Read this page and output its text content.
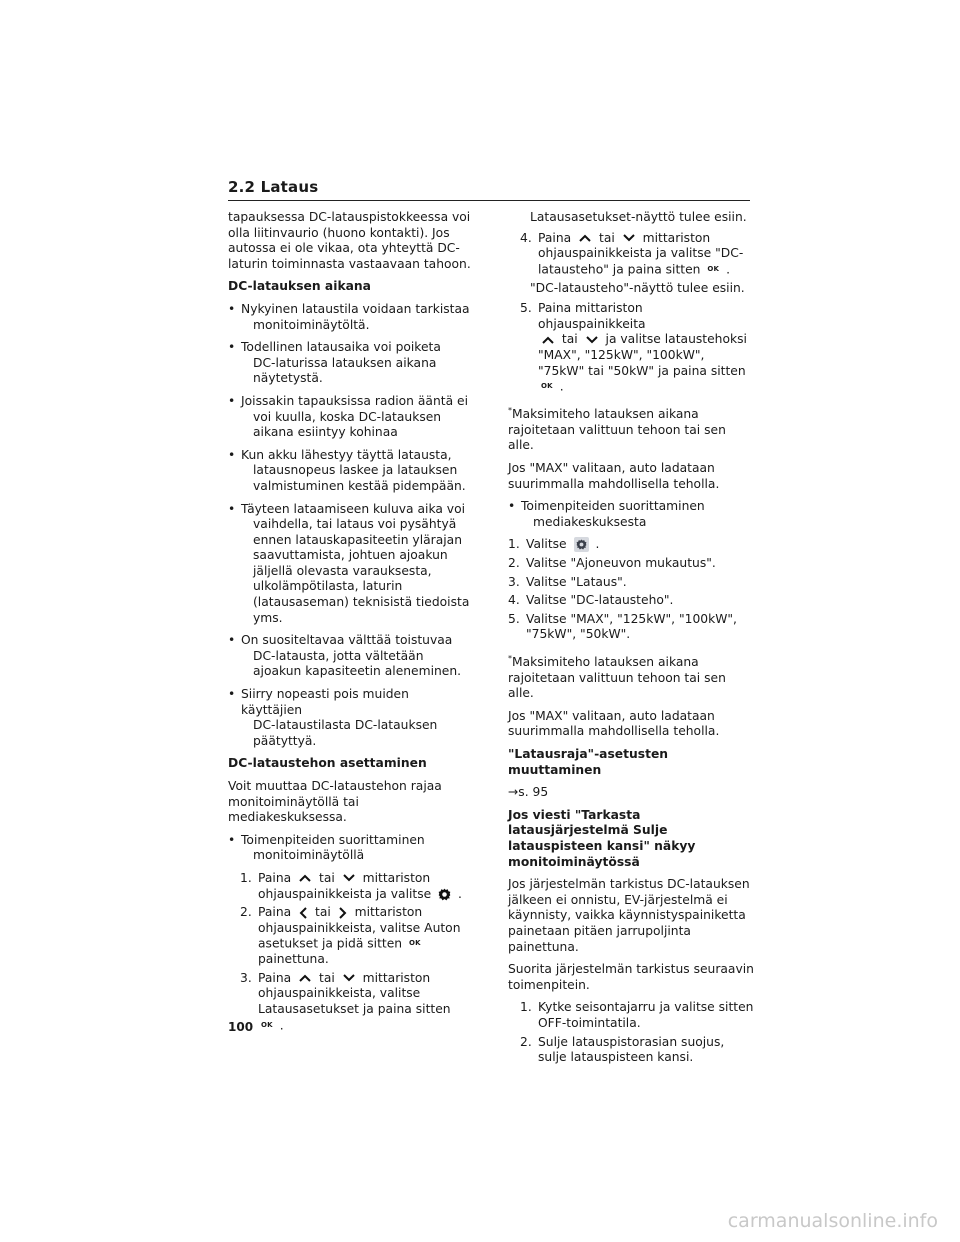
2.2 Lataus

tapauksessa DC-latauspistokkeessa voi olla liitinvaurio (huono kontakti). Jos autossa ei ole vikaa, ota yhteyttä DC-laturin toiminnasta vastaavaan tahoon.

DC-latauksen aikana

• Nykyinen lataustila voidaan tarkistaa
monitoiminäytöltä.
• Todellinen latausaika voi poiketa
DC-laturissa latauksen aikana näytetystä.
• Joissakin tapauksissa radion ääntä ei
voi kuulla, koska DC-latauksen aikana esiintyy kohinaa
• Kun akku lähestyy täyttä latausta,
latausnopeus laskee ja latauksen valmistuminen kestää pidempään.
• Täyteen lataamiseen kuluva aika voi
vaihdella, tai lataus voi pysähtyä ennen latauskapasiteetin ylärajan saavuttamista, johtuen ajoakun jäljellä olevasta varauksesta, ulkolämpötilasta, laturin (latausaseman) teknisistä tiedoista yms.
• On suositeltavaa välttää toistuvaa
DC-latausta, jotta vältetään ajoakun kapasiteetin aleneminen.
• Siirry nopeasti pois muiden käyttäjien
DC-lataustilasta DC-latauksen päätyttyä.

DC-lataustehon asettaminen

Voit muuttaa DC-lataustehon rajaa monitoiminäytöllä tai mediakeskuksessa.

• Toimenpiteiden suorittaminen
monitoiminäytöllä
1. Paina tai mittariston
ohjauspainikkeista ja valitse .
2. Paina tai mittariston
ohjauspainikkeista, valitse Auton asetukset ja pidä sitten OK
painettuna.
3. Paina tai mittariston
ohjauspainikkeista, valitse Latausasetukset ja paina sitten OK .

Latausasetukset-näyttö tulee esiin.

4. Paina tai mittariston
ohjauspainikkeista ja valitse "DC-latausteho" ja paina sitten OK .

"DC-latausteho"-näyttö tulee esiin.

5. Paina mittariston ohjauspainikkeita
tai ja valitse lataustehoksi
"MAX", "125kW", "100kW", "75kW" tai "50kW" ja paina sitten OK .

*Maksimiteho latauksen aikana rajoitetaan valittuun tehoon tai sen alle.

Jos "MAX" valitaan, auto ladataan suurimmalla mahdollisella teholla.

• Toimenpiteiden suorittaminen
mediakeskuksesta
1. Valitse .
2. Valitse "Ajoneuvon mukautus".
3. Valitse "Lataus".
4. Valitse "DC-latausteho".
5. Valitse "MAX", "125kW", "100kW", "75kW", "50kW".

*Maksimiteho latauksen aikana rajoitetaan valittuun tehoon tai sen alle.

Jos "MAX" valitaan, auto ladataan suurimmalla mahdollisella teholla.

"Latausraja"-asetusten muuttaminen

→s. 95

Jos viesti "Tarkasta latausjärjestelmä Sulje latauspisteen kansi" näkyy monitoiminäytössä

Jos järjestelmän tarkistus DC-latauksen jälkeen ei onnistu, EV-järjestelmä ei käynnisty, vaikka käynnistyspainiketta painetaan pitäen jarrupoljinta painettuna.

Suorita järjestelmän tarkistus seuraavin toimenpitein.

1. Kytke seisontajarru ja valitse sitten OFF-toimintatila.
2. Sulje latauspistorasian suojus, sulje latauspisteen kansi.
100
carmanualsonline.info
